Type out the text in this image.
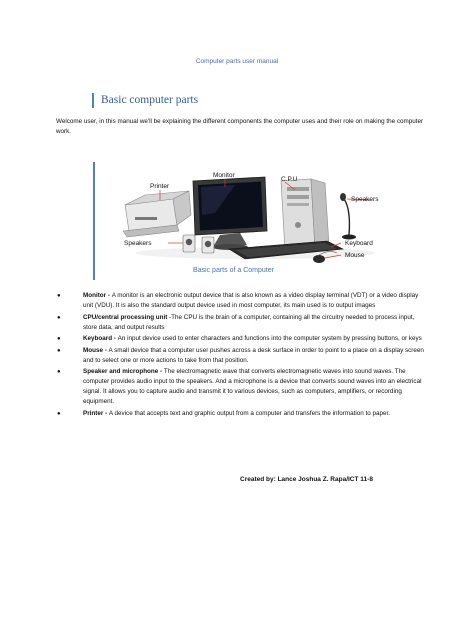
Computer parts user manual
Basic computer parts
Welcome user, in this manual we'll be explaining the different components the computer uses and their role on making the computer work.
Printer
Monitor
C.P.U
Speakers
Speakers	Keyboard
Mouse
Basic parts of a Computer
●	Monitor - A monitor is an electronic output device that is also known as a video display terminal (VDT) or a video display unit (VDU). It is also the standard output device used in most computer, its main used is to output images
●	CPU/central processing unit -The CPU is the brain of a computer, containing all the circuitry needed to process input, store data, and output results
●	Keyboard - An input device used to enter characters and functions into the computer system by pressing buttons, or keys
●	Mouse - A small device that a computer user pushes across a desk surface in order to point to a place on a display screen and to select one or more actions to take from that position.
●	Speaker and microphone - The electromagnetic wave that converts electromagnetic waves into sound waves. The computer provides audio input to the speakers. And a microphone is a device that converts sound waves into an electrical signal. It allows you to capture audio and transmit it to various devices, such as computers, amplifiers, or recording equipment.
●	Printer - A device that accepts text and graphic output from a computer and transfers the information to paper.
Created by: Lance Joshua Z. Rapa/ICT 11-8
